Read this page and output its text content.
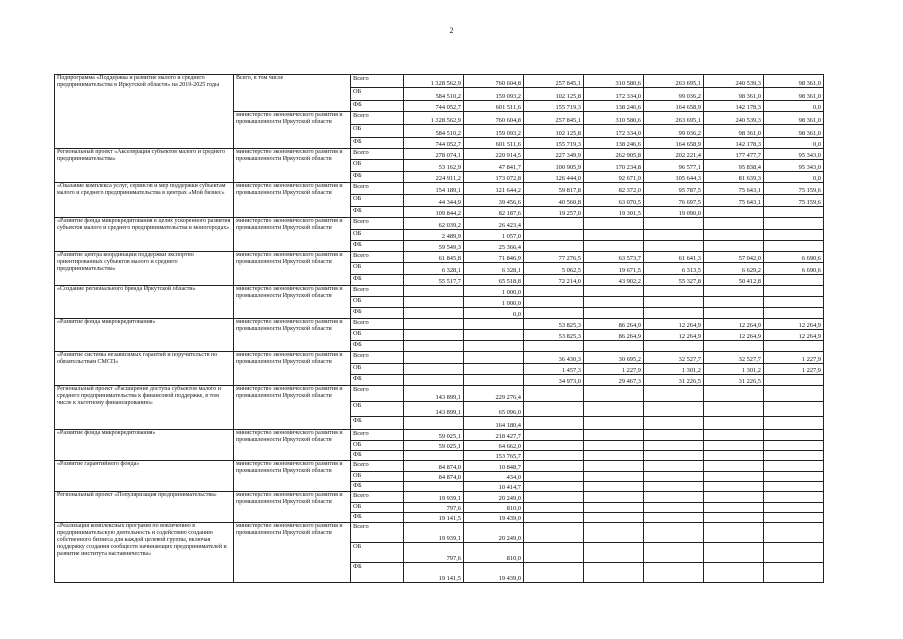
2
Подпрограмма «Поддержка и развитие малого и среднего предпринимательства в Иркутской области» на 2019-2025 годы	Всего, в том числе	Всего	1 328 562,9	760 604,8	257 845,1	310 580,6	263 695,1	240 539,3	98 361,0
		ОБ	584 510,2	159 093,2	102 125,8	172 334,0	99 036,2	98 361,0	98 361,0
		ФБ	744 052,7	601 511,6	155 719,3	138 246,6	164 658,9	142 178,3	0,0
	министерство экономического развития и промышленности Иркутской области	Всего	1 328 562,9	760 604,8	257 845,1	310 580,6	263 695,1	240 539,3	98 361,0
		ОБ	584 510,2	159 093,2	102 125,8	172 334,0	99 036,2	98 361,0	98 361,0
		ФБ	744 052,7	601 511,6	155 719,3	138 246,6	164 658,9	142 178,3	0,0
Региональный проект «Акселерация субъектов малого и среднего предпринимательства»	министерство экономического развития и промышленности Иркутской области	Всего	278 074,1	220 914,5	227 349,9	262 905,8	202 221,4	177 477,7	95 343,0
		ОБ	53 162,9	47 841,7	100 905,9	170 234,8	96 577,1	95 838,4	95 343,0
		ФБ	224 911,2	173 072,8	126 444,0	92 671,0	105 644,3	81 639,3	0,0
«Оказание комплекса услуг, сервисов и мер поддержки субъектам малого и среднего предпринимательства в центрах «Мой бизнес»	министерство экономического развития и промышленности Иркутской области	Всего	154 189,1	121 644,2	59 817,8	82 372,0	95 787,5	75 643,1	75 159,6
		ОБ	44 344,9	39 456,6	40 560,8	63 070,5	76 697,5	75 643,1	75 159,6
		ФБ	109 844,2	82 187,6	19 257,0	19 301,5	19 090,0		
«Развитие фонда микрокредитования в целях ускоренного развития субъектов малого и среднего предпринимательства в моногородах»	министерство экономического развития и промышленности Иркутской области	Всего	62 039,2	26 423,4					
		ОБ	2 489,9	1 057,0					
		ФБ	59 549,3	25 366,4					
«Развитие центра координации поддержки экспортно ориентированных субъектов малого и среднего предпринимательства»	министерство экономического развития и промышленности Иркутской области	Всего	61 845,8	71 846,9	77 276,5	63 573,7	61 641,3	57 042,0	6 690,6
		ОБ	6 328,1	6 328,1	5 062,5	19 671,5	6 313,5	6 629,2	6 690,6
		ФБ	55 517,7	65 518,8	72 214,0	43 902,2	55 327,8	50 412,8	
«Создание регионального бренда Иркутской области»	министерство экономического развития и промышленности Иркутской области	Всего		1 000,0					
		ОБ		1 000,0					
		ФБ		0,0					
«Развитие фонда микрокредитования»	министерство экономического развития и промышленности Иркутской области	Всего			53 825,3	86 264,9	12 264,9	12 264,9	12 264,9
		ОБ			53 825,3	86 264,9	12 264,9	12 264,9	12 264,9
		ФБ							
«Развитие системы независимых гарантий и поручительств по обязательствам СМСП»	министерство экономического развития и промышленности Иркутской области	Всего			36 430,3	30 695,2	32 527,7	32 527,7	1 227,9
		ОБ			1 457,3	1 227,9	1 301,2	1 301,2	1 227,9
		ФБ			34 973,0	29 467,3	31 226,5	31 226,5	
Региональный проект «Расширение доступа субъектов малого и среднего предпринимательства к финансовой поддержке, в том числе к льготному финансированию»	министерство экономического развития и промышленности Иркутской области	Всего	143 899,1	229 276,4					
		ОБ	143 899,1	65 096,0					
		ФБ		164 180,4					
«Развитие фонда микрокредитования»	министерство экономического развития и промышленности Иркутской области	Всего	59 025,1	218 427,7					
		ОБ	59 025,1	64 662,0					
		ФБ		153 765,7					
«Развитие гарантийного фонда»	министерство экономического развития и промышленности Иркутской области	Всего	84 874,0	10 848,7					
		ОБ	84 874,0	434,0					
		ФБ		10 414,7					
Региональный проект «Популяризация предпринимательства»	министерство экономического развития и промышленности Иркутской области	Всего	19 939,1	20 249,0					
		ОБ	797,6	810,0					
		ФБ	19 141,5	19 439,0					
«Реализация комплексных программ по вовлечению в предпринимательскую деятельность и содействию созданию собственного бизнеса для каждой целевой группы, включая поддержку создания сообществ начинающих предпринимателей и развитие института наставничества»	министерство экономического развития и промышленности Иркутской области	Всего	19 939,1	20 249,0					
		ОБ	797,6	810,0					
		ФБ	19 141,5	19 439,0					
